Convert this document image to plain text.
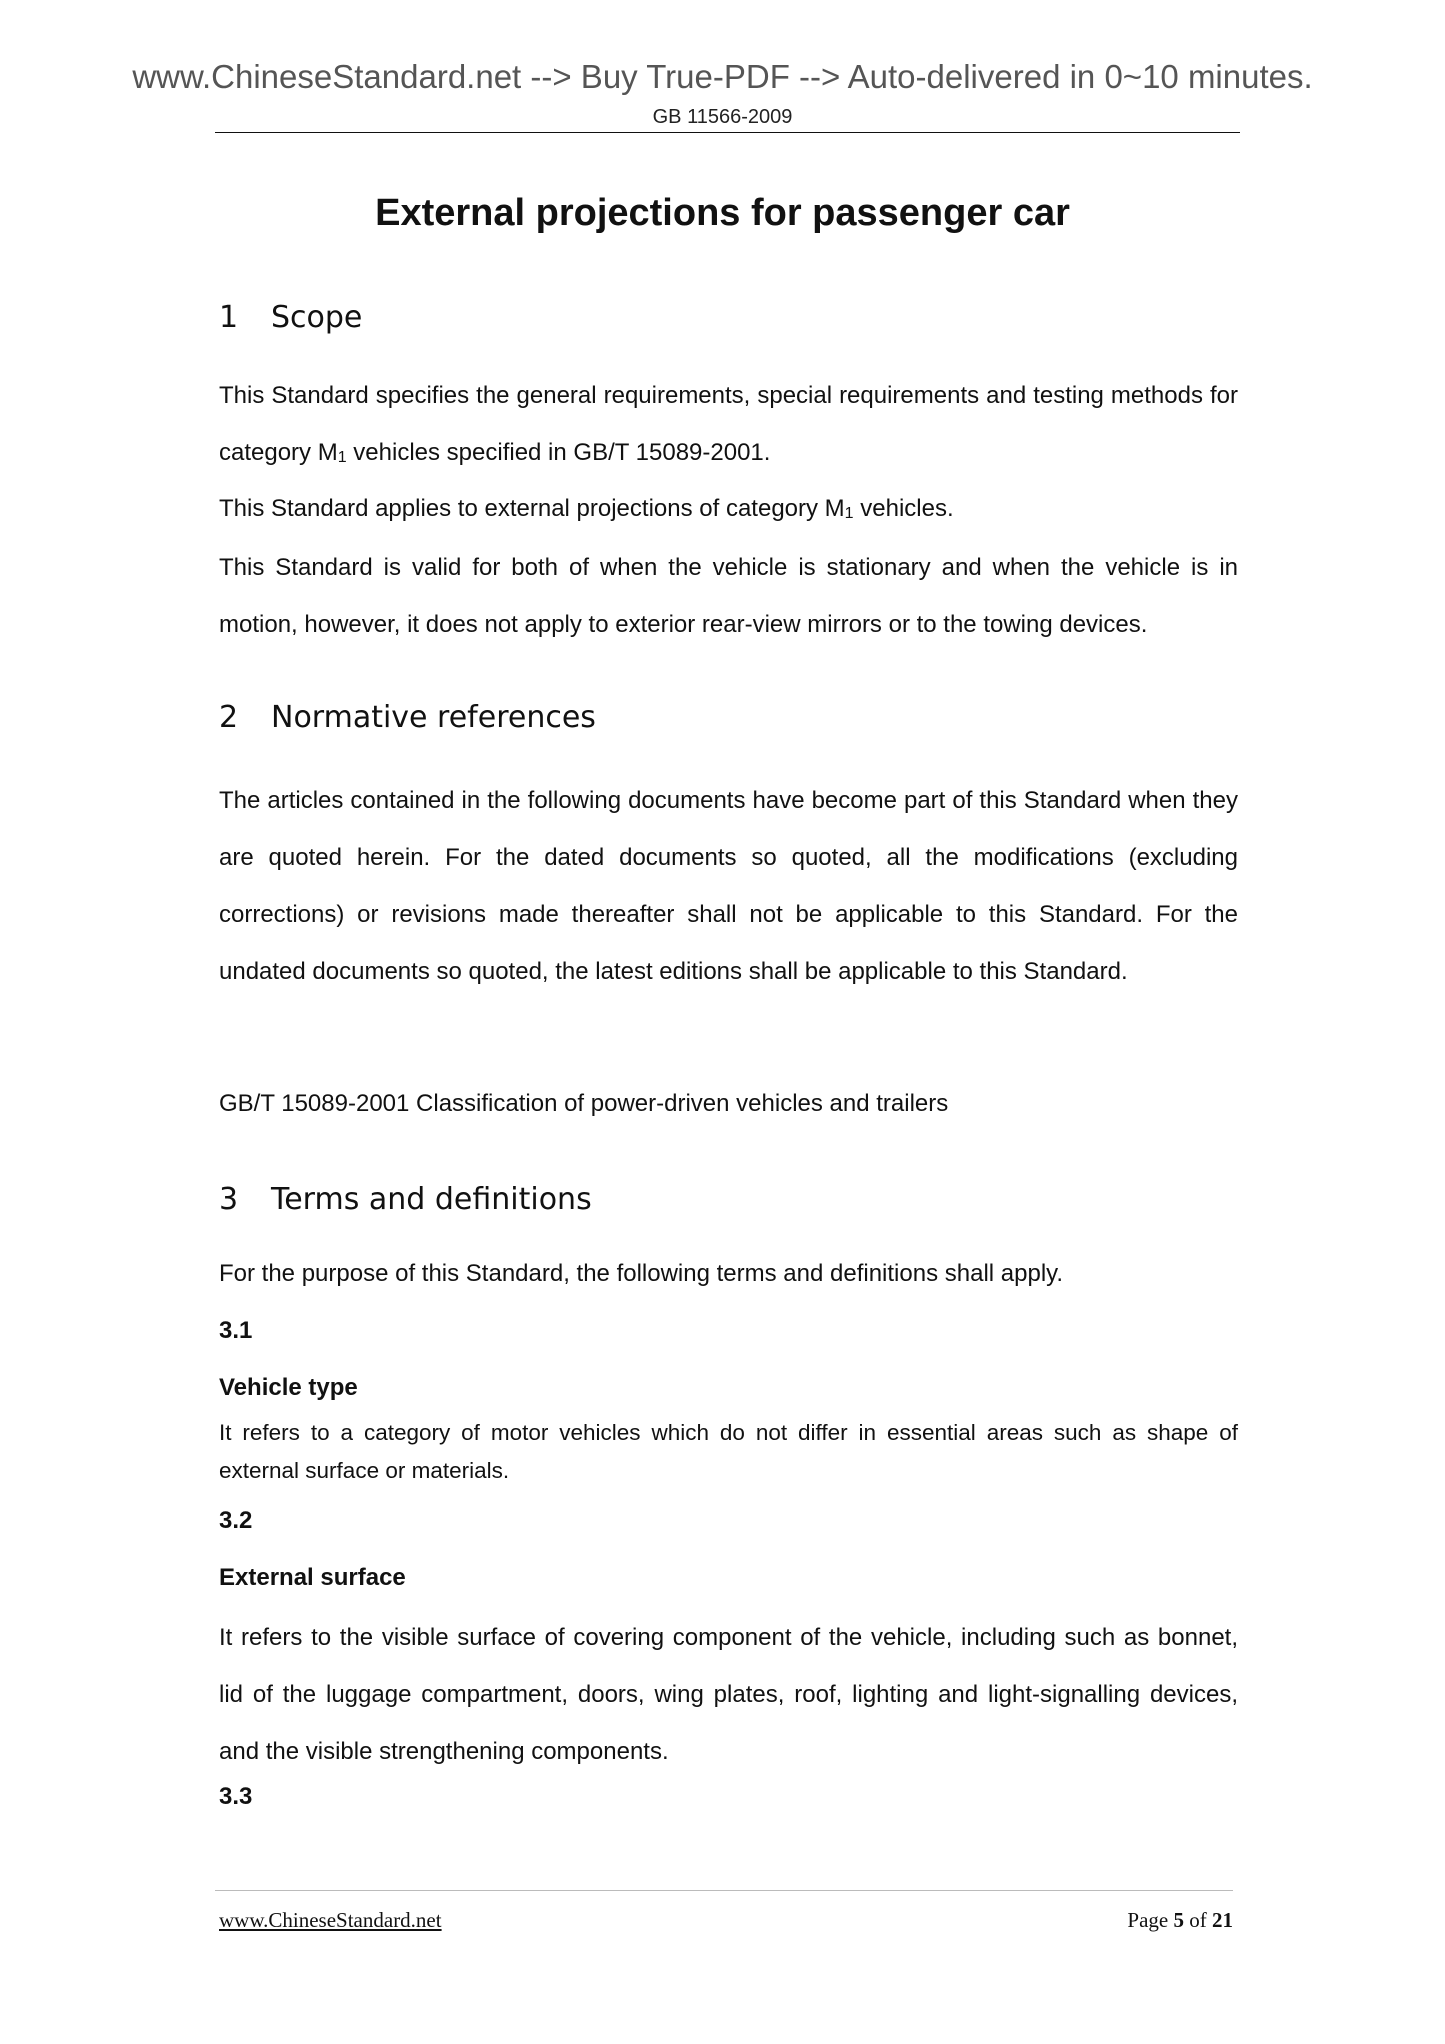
www.ChineseStandard.net --> Buy True-PDF --> Auto-delivered in 0~10 minutes.
GB 11566-2009
External projections for passenger car
1 Scope
This Standard specifies the general requirements, special requirements and testing methods for category M1 vehicles specified in GB/T 15089-2001.
This Standard applies to external projections of category M1 vehicles.
This Standard is valid for both of when the vehicle is stationary and when the vehicle is in motion, however, it does not apply to exterior rear-view mirrors or to the towing devices.
2 Normative references
The articles contained in the following documents have become part of this Standard when they are quoted herein. For the dated documents so quoted, all the modifications (excluding corrections) or revisions made thereafter shall not be applicable to this Standard. For the undated documents so quoted, the latest editions shall be applicable to this Standard.
GB/T 15089-2001 Classification of power-driven vehicles and trailers
3 Terms and definitions
For the purpose of this Standard, the following terms and definitions shall apply.
3.1
Vehicle type
It refers to a category of motor vehicles which do not differ in essential areas such as shape of external surface or materials.
3.2
External surface
It refers to the visible surface of covering component of the vehicle, including such as bonnet, lid of the luggage compartment, doors, wing plates, roof, lighting and light-signalling devices, and the visible strengthening components.
3.3
www.ChineseStandard.net	Page 5 of 21
